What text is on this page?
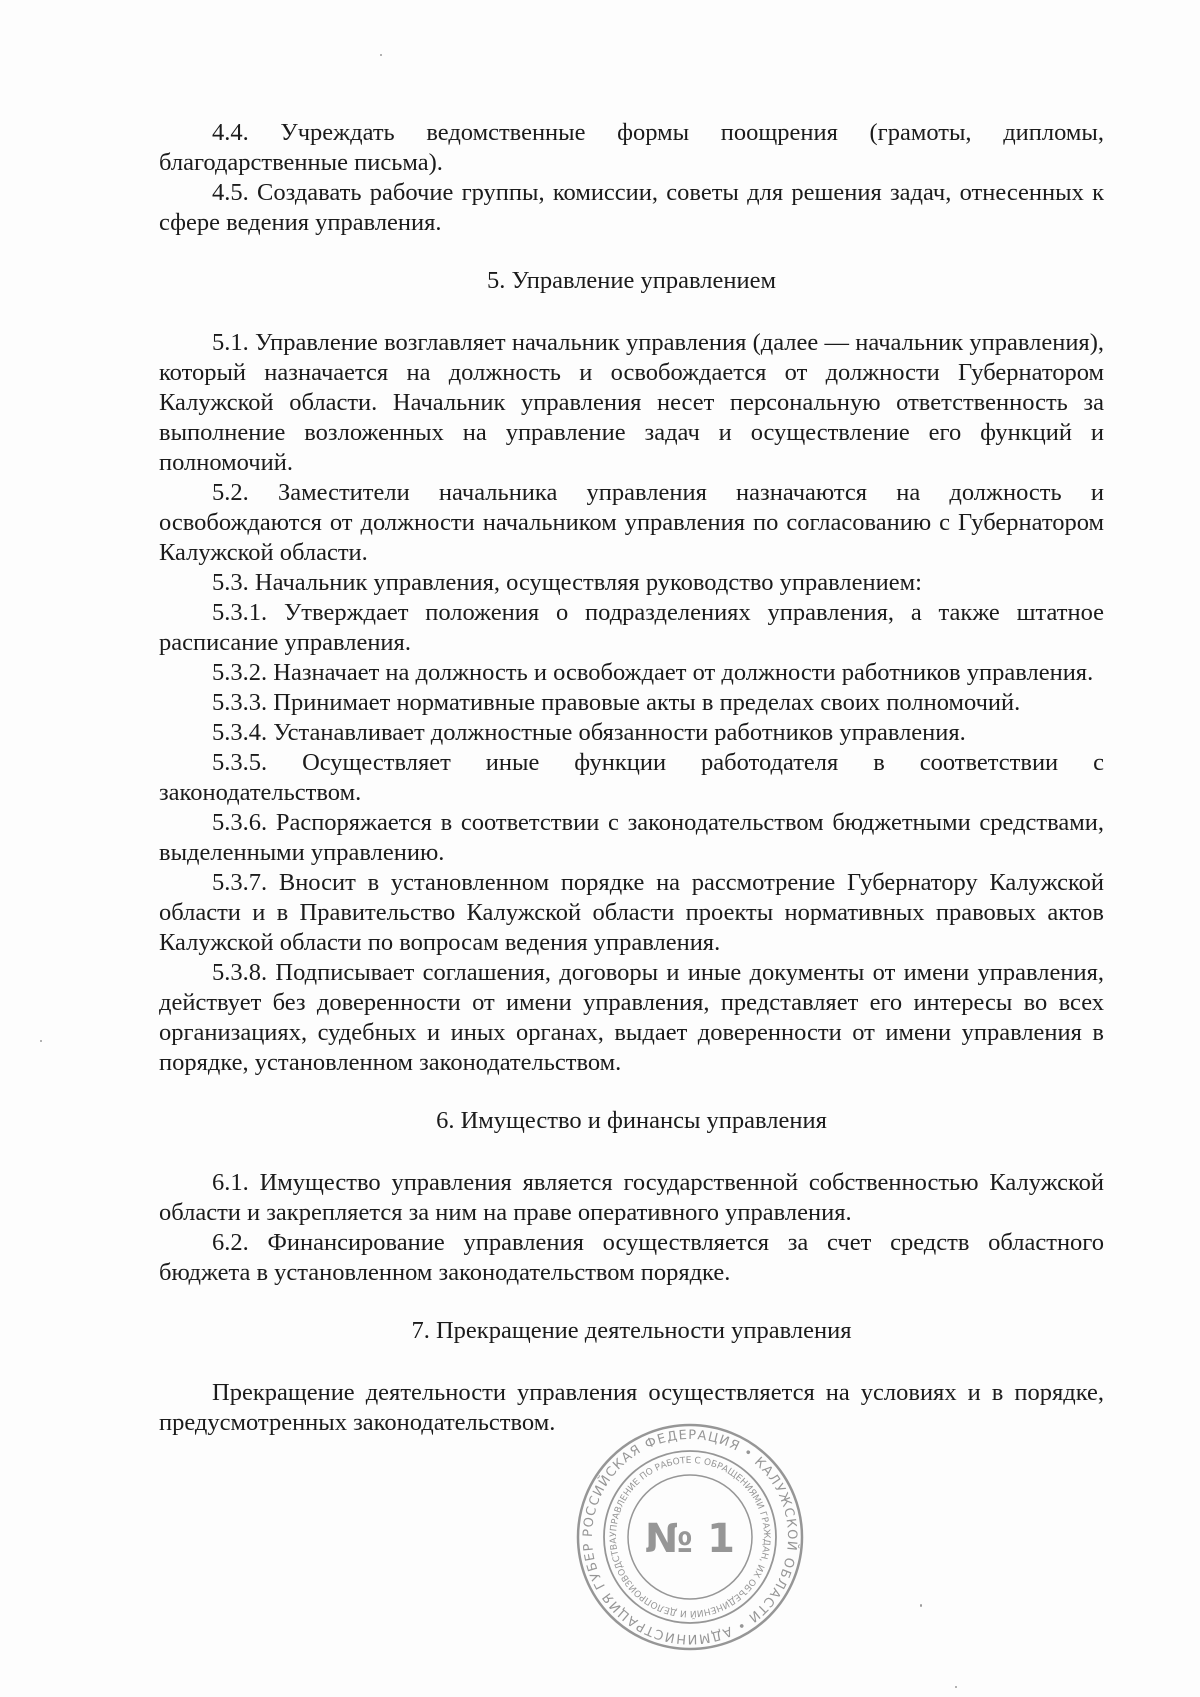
4.4. Учреждать ведомственные формы поощрения (грамоты, дипломы, благодарственные письма).

4.5. Создавать рабочие группы, комиссии, советы для решения задач, отнесенных к сфере ведения управления.

5. Управление управлением

5.1. Управление возглавляет начальник управления (далее — начальник управления), который назначается на должность и освобождается от должности Губернатором Калужской области. Начальник управления несет персональную ответственность за выполнение возложенных на управление задач и осуществление его функций и полномочий.

5.2. Заместители начальника управления назначаются на должность и освобождаются от должности начальником управления по согласованию с Губернатором Калужской области.

5.3. Начальник управления, осуществляя руководство управлением:

5.3.1. Утверждает положения о подразделениях управления, а также штатное расписание управления.

5.3.2. Назначает на должность и освобождает от должности работников управления.

5.3.3. Принимает нормативные правовые акты в пределах своих полномочий.

5.3.4. Устанавливает должностные обязанности работников управления.

5.3.5. Осуществляет иные функции работодателя в соответствии с законодательством.

5.3.6. Распоряжается в соответствии с законодательством бюджетными средствами, выделенными управлению.

5.3.7. Вносит в установленном порядке на рассмотрение Губернатору Калужской области и в Правительство Калужской области проекты нормативных правовых актов Калужской области по вопросам ведения управления.

5.3.8. Подписывает соглашения, договоры и иные документы от имени управления, действует без доверенности от имени управления, представляет его интересы во всех организациях, судебных и иных органах, выдает доверенности от имени управления в порядке, установленном законодательством.

6. Имущество и финансы управления

6.1. Имущество управления является государственной собственностью Калужской области и закрепляется за ним на праве оперативного управления.

6.2. Финансирование управления осуществляется за счет средств областного бюджета в установленном законодательством порядке.

7. Прекращение деятельности управления

Прекращение деятельности управления осуществляется на условиях и в порядке, предусмотренных законодательством.

РОССИЙСКАЯ ФЕДЕРАЦИЯ • КАЛУЖСКОЙ ОБЛАСТИ • АДМИНИСТРАЦИЯ ГУБЕР
УПРАВЛЕНИЕ ПО РАБОТЕ С ОБРАЩЕНИЯМИ ГРАЖДАН, ИХ ОБЪЕДИНЕНИЙ И ДЕЛОПРОИЗВОДСТВА № 1
